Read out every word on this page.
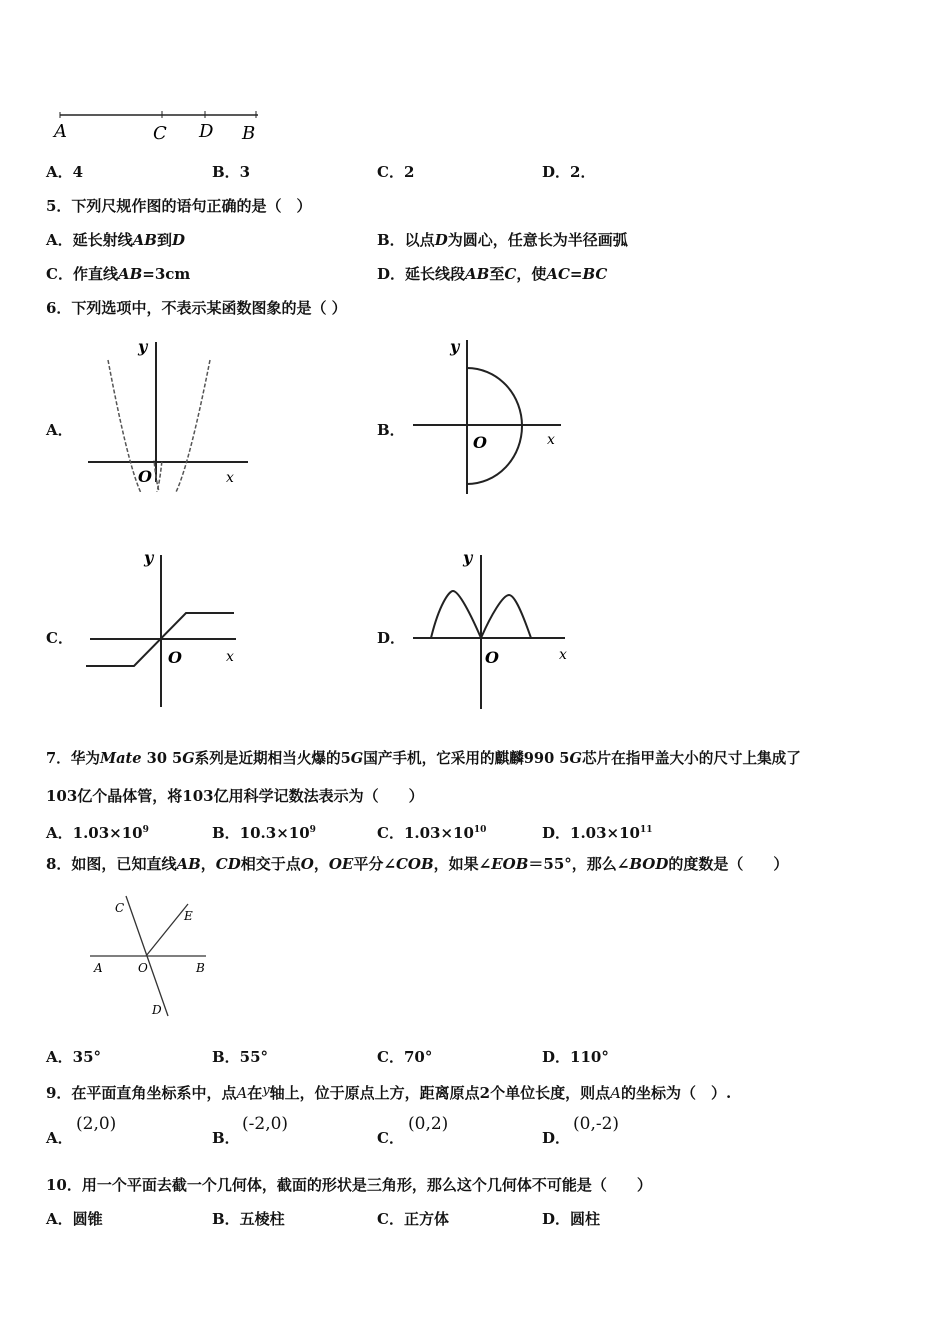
A	C D B
A．4	B．3	C．2	D．2．
5．下列尺规作图的语句正确的是（　）
A．延长射线AB到D	B．以点D为圆心，任意长为半径画弧
C．作直线AB=3cm	D．延长线段AB至C，使AC=BC
6．下列选项中，不表示某函数图象的是（ ）
A．
y
x
O
B．
y
x
O
C．
y
x
O
D．
y
x
O
7．华为Mate 30 5G系列是近期相当火爆的5G国产手机，它采用的麒麟990 5G芯片在指甲盖大小的尺寸上集成了
103亿个晶体管，将103亿用科学记数法表示为（　　）
A．$1.03\times 10^9$	B．$10.3\times 10^9$	C．$1.03\times 10^{10}$	D．$1.03\times 10^{11}$
8．如图，已知直线AB，CD相交于点O，OE平分∠COB，如果∠EOB＝55°，那么∠BOD的度数是（　　）
C
E
A	O	B
D
A．35°	B．55°	C．70°	D．110°
9．在平面直角坐标系中，点A在y轴上，位于原点上方，距离原点2个单位长度，则点A的坐标为（　）.
A．
(2,0)
B．
(-2,0)
C．
(0,2)
D．
(0,-2)
10．用一个平面去截一个几何体，截面的形状是三角形，那么这个几何体不可能是（　　）
A．圆锥	B．五棱柱	C．正方体	D．圆柱
